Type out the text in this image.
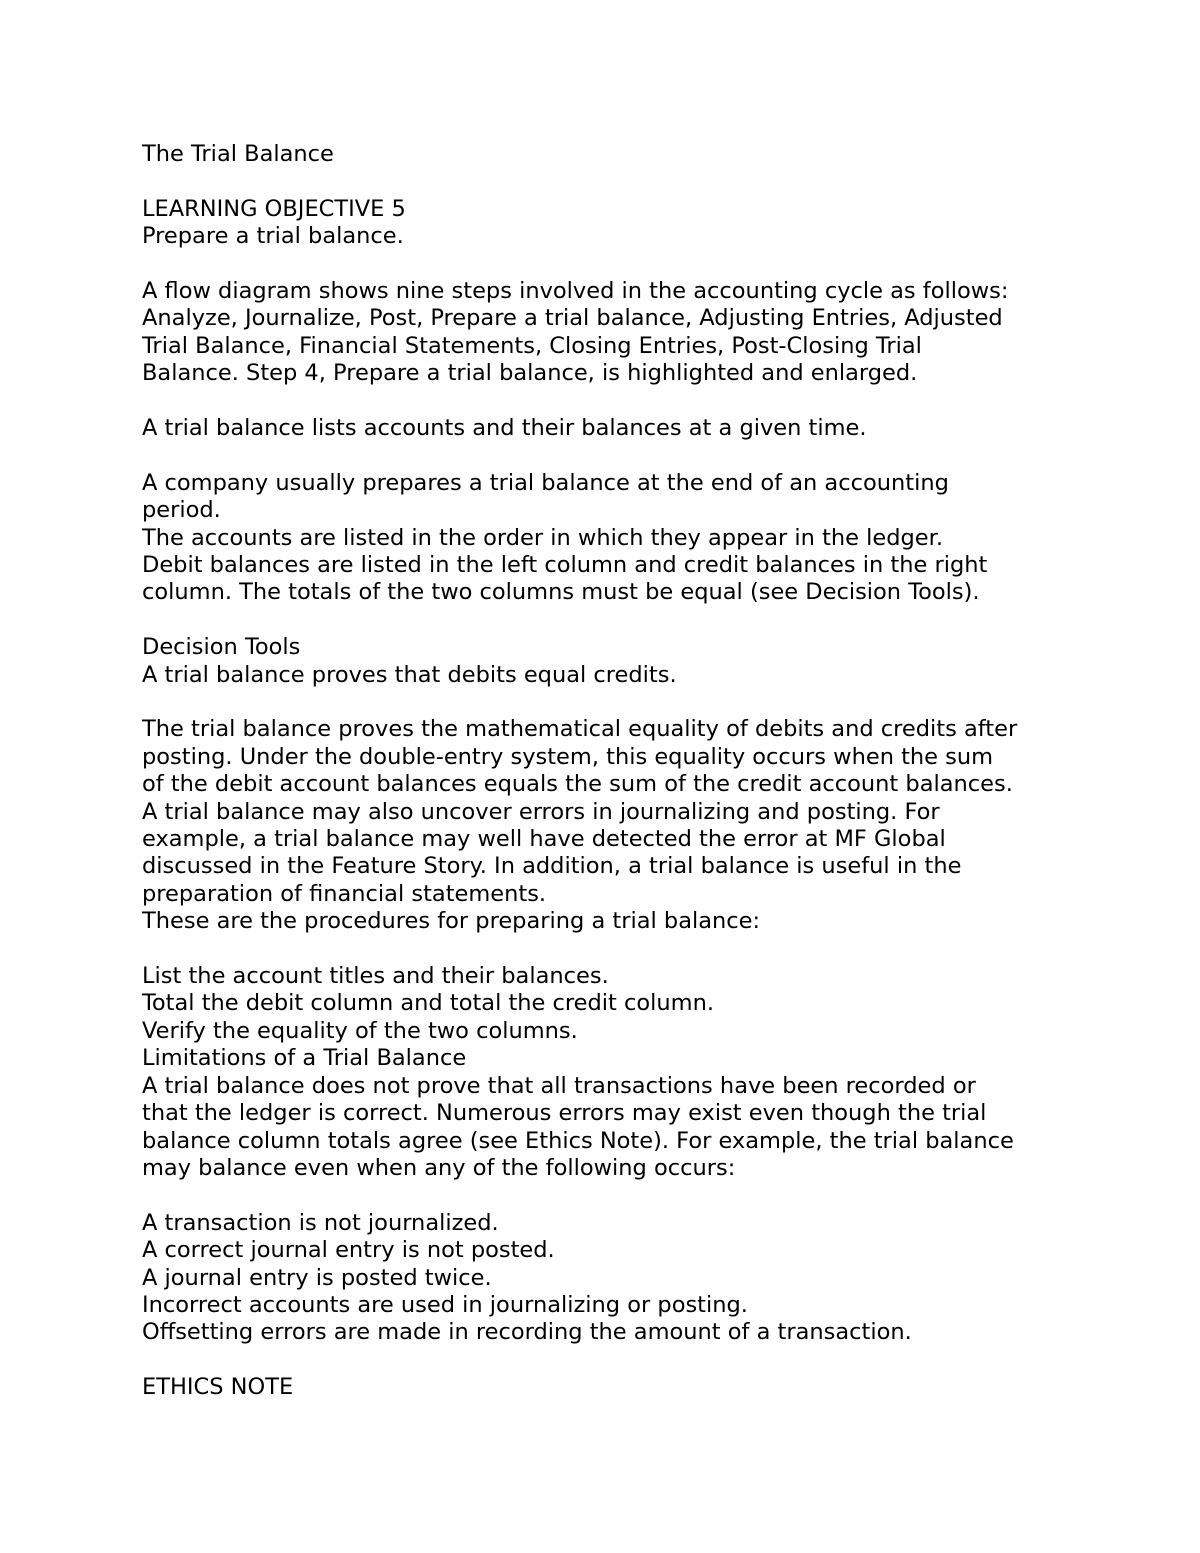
The Trial Balance
LEARNING OBJECTIVE 5
Prepare a trial balance.
A flow diagram shows nine steps involved in the accounting cycle as follows:
Analyze, Journalize, Post, Prepare a trial balance, Adjusting Entries, Adjusted
Trial Balance, Financial Statements, Closing Entries, Post-Closing Trial
Balance. Step 4, Prepare a trial balance, is highlighted and enlarged.
A trial balance lists accounts and their balances at a given time.
A company usually prepares a trial balance at the end of an accounting
period.
The accounts are listed in the order in which they appear in the ledger.
Debit balances are listed in the left column and credit balances in the right
column. The totals of the two columns must be equal (see Decision Tools).
Decision Tools
A trial balance proves that debits equal credits.
The trial balance proves the mathematical equality of debits and credits after
posting. Under the double-entry system, this equality occurs when the sum
of the debit account balances equals the sum of the credit account balances.
A trial balance may also uncover errors in journalizing and posting. For
example, a trial balance may well have detected the error at MF Global
discussed in the Feature Story. In addition, a trial balance is useful in the
preparation of financial statements.
These are the procedures for preparing a trial balance:
List the account titles and their balances.
Total the debit column and total the credit column.
Verify the equality of the two columns.
Limitations of a Trial Balance
A trial balance does not prove that all transactions have been recorded or
that the ledger is correct. Numerous errors may exist even though the trial
balance column totals agree (see Ethics Note). For example, the trial balance
may balance even when any of the following occurs:
A transaction is not journalized.
A correct journal entry is not posted.
A journal entry is posted twice.
Incorrect accounts are used in journalizing or posting.
Offsetting errors are made in recording the amount of a transaction.
ETHICS NOTE
